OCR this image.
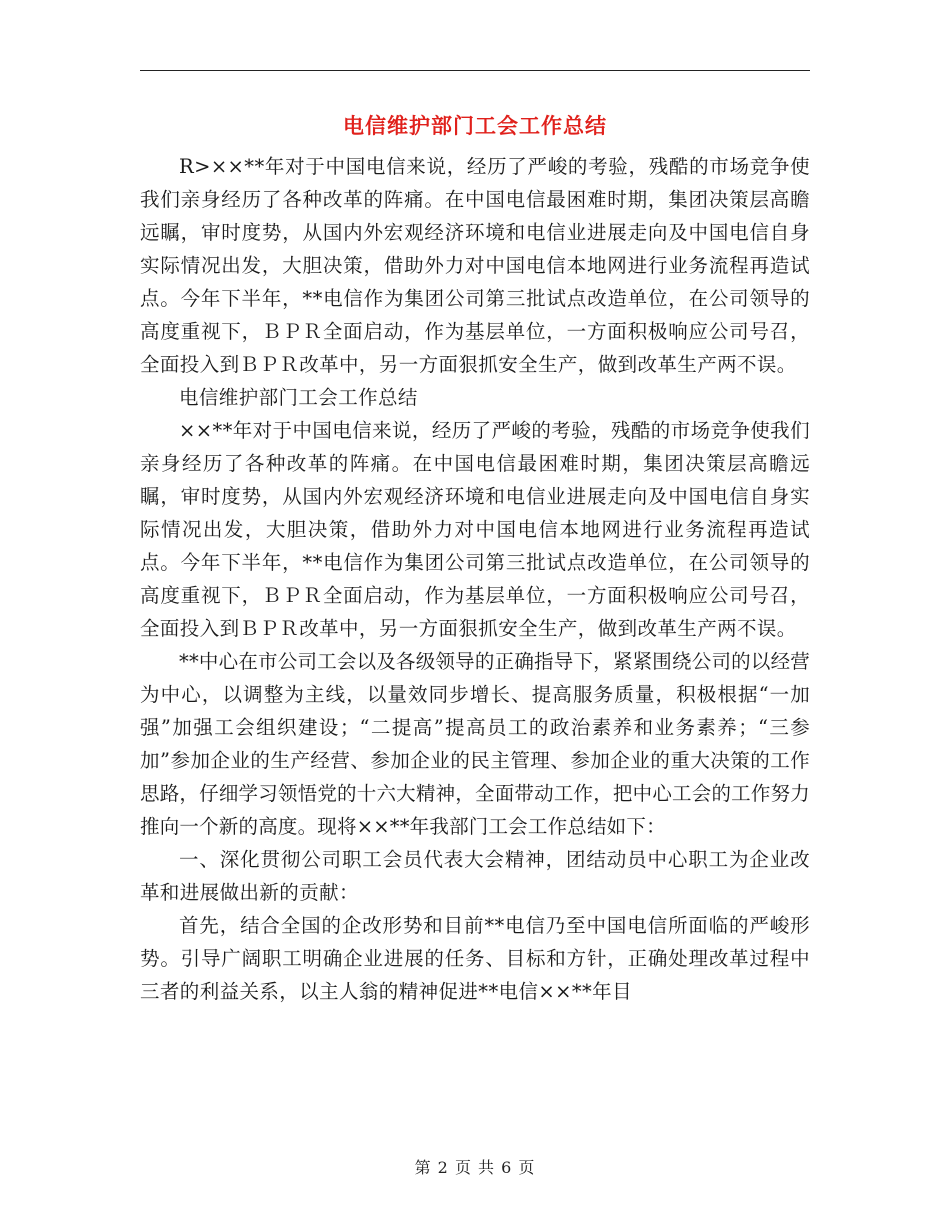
电信维护部门工会工作总结

R>××**年对于中国电信来说，经历了严峻的考验，残酷的市场竞争使我们亲身经历了各种改革的阵痛。在中国电信最困难时期，集团决策层高瞻远瞩，审时度势，从国内外宏观经济环境和电信业进展走向及中国电信自身实际情况出发，大胆决策，借助外力对中国电信本地网进行业务流程再造试点。今年下半年，**电信作为集团公司第三批试点改造单位，在公司领导的高度重视下，ＢＰＲ全面启动，作为基层单位，一方面积极响应公司号召，全面投入到ＢＰＲ改革中，另一方面狠抓安全生产，做到改革生产两不误。

电信维护部门工会工作总结

××**年对于中国电信来说，经历了严峻的考验，残酷的市场竞争使我们亲身经历了各种改革的阵痛。在中国电信最困难时期，集团决策层高瞻远瞩，审时度势，从国内外宏观经济环境和电信业进展走向及中国电信自身实际情况出发，大胆决策，借助外力对中国电信本地网进行业务流程再造试点。今年下半年，**电信作为集团公司第三批试点改造单位，在公司领导的高度重视下，ＢＰＲ全面启动，作为基层单位，一方面积极响应公司号召，全面投入到ＢＰＲ改革中，另一方面狠抓安全生产，做到改革生产两不误。

**中心在市公司工会以及各级领导的正确指导下，紧紧围绕公司的以经营为中心，以调整为主线，以量效同步增长、提高服务质量，积极根据“一加强”加强工会组织建设；“二提高”提高员工的政治素养和业务素养；“三参加”参加企业的生产经营、参加企业的民主管理、参加企业的重大决策的工作思路，仔细学习领悟党的十六大精神，全面带动工作，把中心工会的工作努力推向一个新的高度。现将××**年我部门工会工作总结如下：

一、深化贯彻公司职工会员代表大会精神，团结动员中心职工为企业改革和进展做出新的贡献：

首先，结合全国的企改形势和目前**电信乃至中国电信所面临的严峻形势。引导广阔职工明确企业进展的任务、目标和方针，正确处理改革过程中三者的利益关系，以主人翁的精神促进**电信××**年目

第 2 页 共 6 页
